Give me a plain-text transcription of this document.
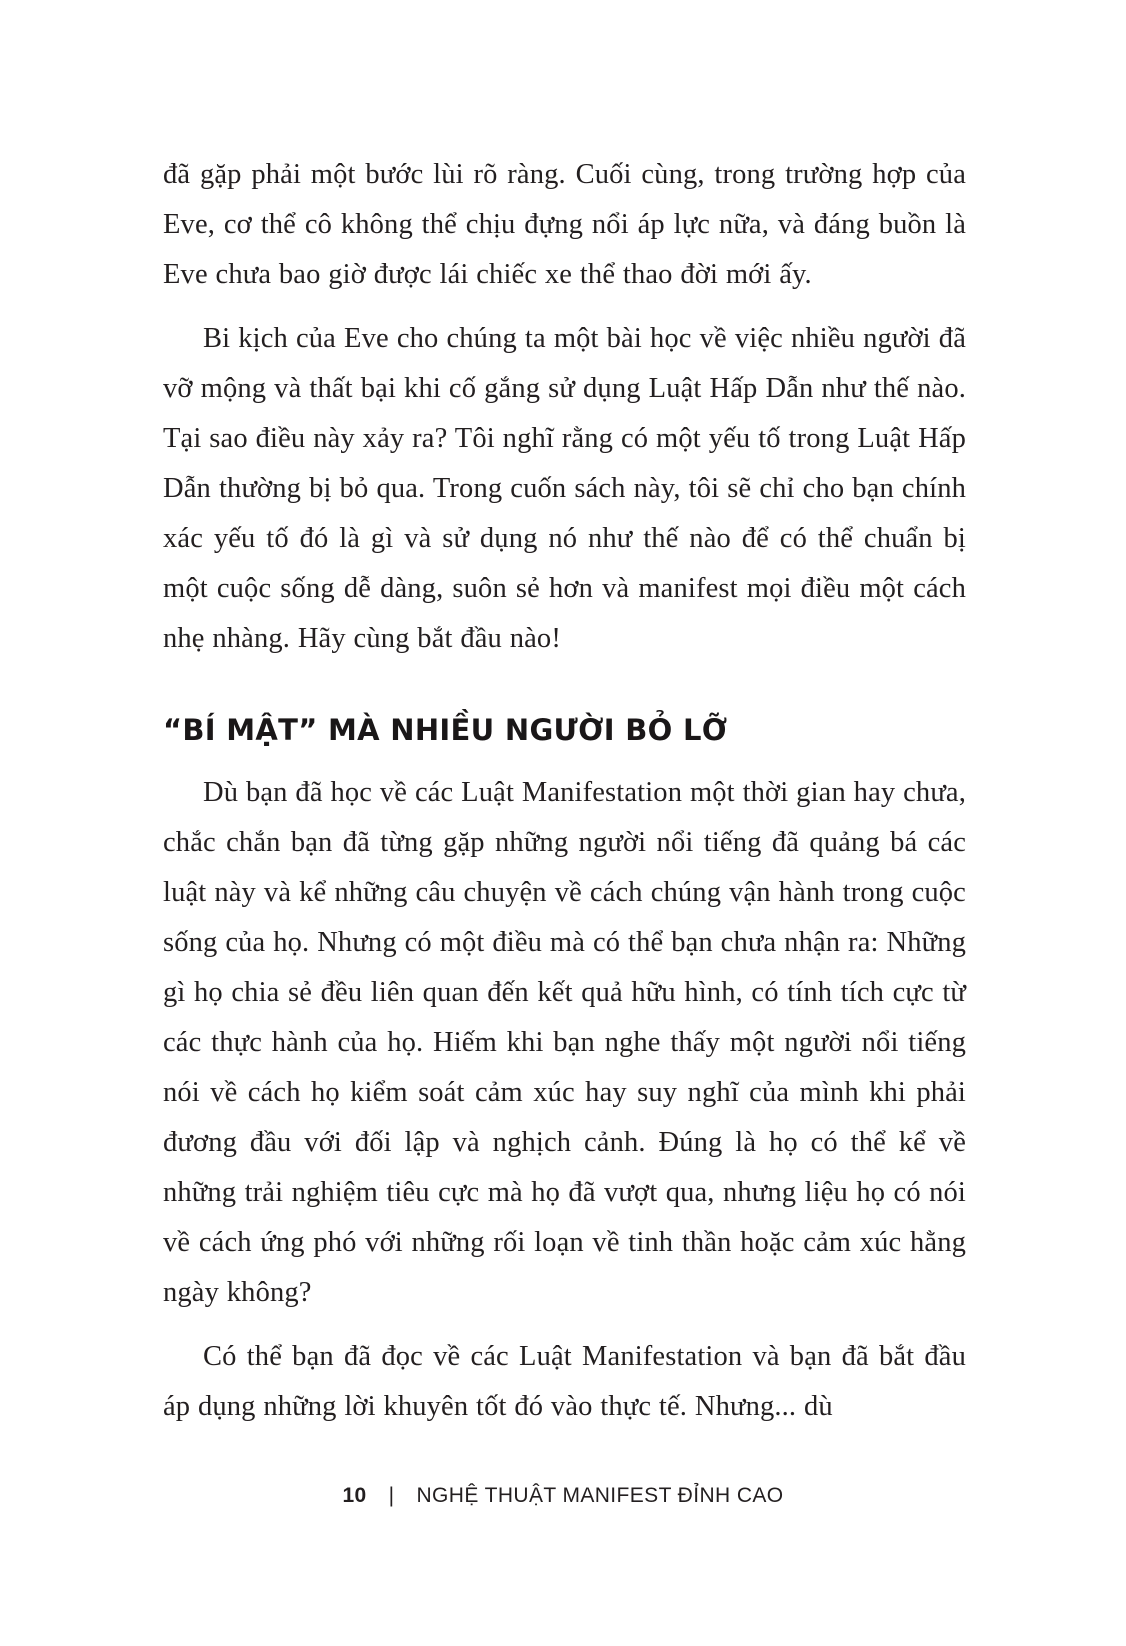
đã gặp phải một bước lùi rõ ràng. Cuối cùng, trong trường hợp của Eve, cơ thể cô không thể chịu đựng nổi áp lực nữa, và đáng buồn là Eve chưa bao giờ được lái chiếc xe thể thao đời mới ấy.

Bi kịch của Eve cho chúng ta một bài học về việc nhiều người đã vỡ mộng và thất bại khi cố gắng sử dụng Luật Hấp Dẫn như thế nào. Tại sao điều này xảy ra? Tôi nghĩ rằng có một yếu tố trong Luật Hấp Dẫn thường bị bỏ qua. Trong cuốn sách này, tôi sẽ chỉ cho bạn chính xác yếu tố đó là gì và sử dụng nó như thế nào để có thể chuẩn bị một cuộc sống dễ dàng, suôn sẻ hơn và manifest mọi điều một cách nhẹ nhàng. Hãy cùng bắt đầu nào!

“BÍ MẬT” MÀ NHIỀU NGƯỜI BỎ LỠ

Dù bạn đã học về các Luật Manifestation một thời gian hay chưa, chắc chắn bạn đã từng gặp những người nổi tiếng đã quảng bá các luật này và kể những câu chuyện về cách chúng vận hành trong cuộc sống của họ. Nhưng có một điều mà có thể bạn chưa nhận ra: Những gì họ chia sẻ đều liên quan đến kết quả hữu hình, có tính tích cực từ các thực hành của họ. Hiếm khi bạn nghe thấy một người nổi tiếng nói về cách họ kiểm soát cảm xúc hay suy nghĩ của mình khi phải đương đầu với đối lập và nghịch cảnh. Đúng là họ có thể kể về những trải nghiệm tiêu cực mà họ đã vượt qua, nhưng liệu họ có nói về cách ứng phó với những rối loạn về tinh thần hoặc cảm xúc hằng ngày không?

Có thể bạn đã đọc về các Luật Manifestation và bạn đã bắt đầu áp dụng những lời khuyên tốt đó vào thực tế. Nhưng... dù

10 | NGHỆ THUẬT MANIFEST ĐỈNH CAO
